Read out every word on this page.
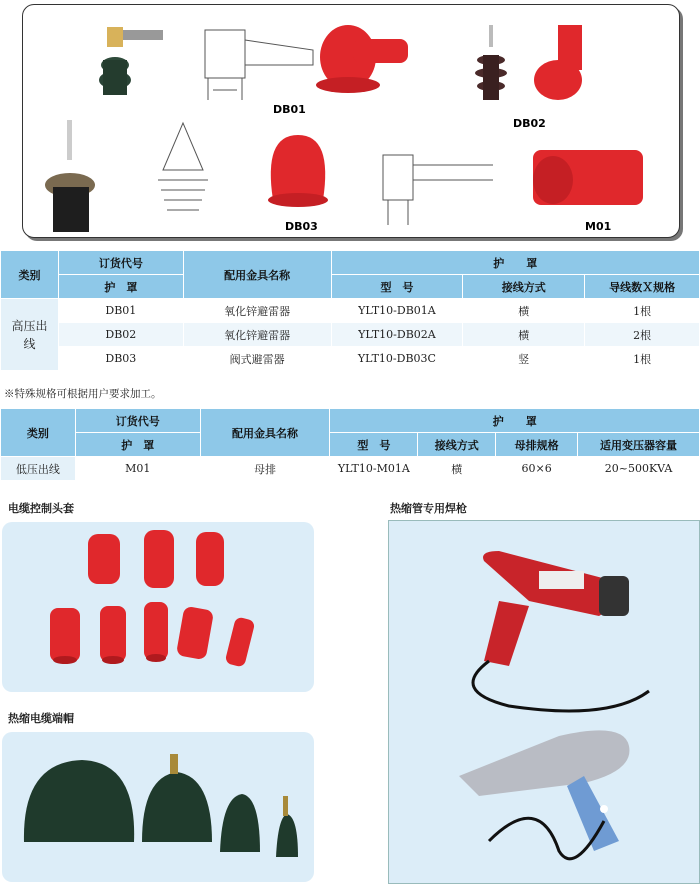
DB01
DB02
DB03	M01
类别	订货代号	配用金具名称	护　　罩		
	护　罩		型　号	接线方式	导线数Ｘ规格
高压出线	DB01	氧化锌避雷器	YLT10-DB01A	横	1根
	DB02	氧化锌避雷器	YLT10-DB02A	横	2根
	DB03	阀式避雷器	YLT10-DB03C	竖	1根
※特殊规格可根据用户要求加工。
类别	订货代号	配用金具名称	护　　罩			
	护　罩		型　号	接线方式	母排规格	适用变压器容量
低压出线	M01	母排	YLT10-M01A	横	60×6	20~500KVA
电缆控制头套	热缩管专用焊枪
热缩电缆端帽
